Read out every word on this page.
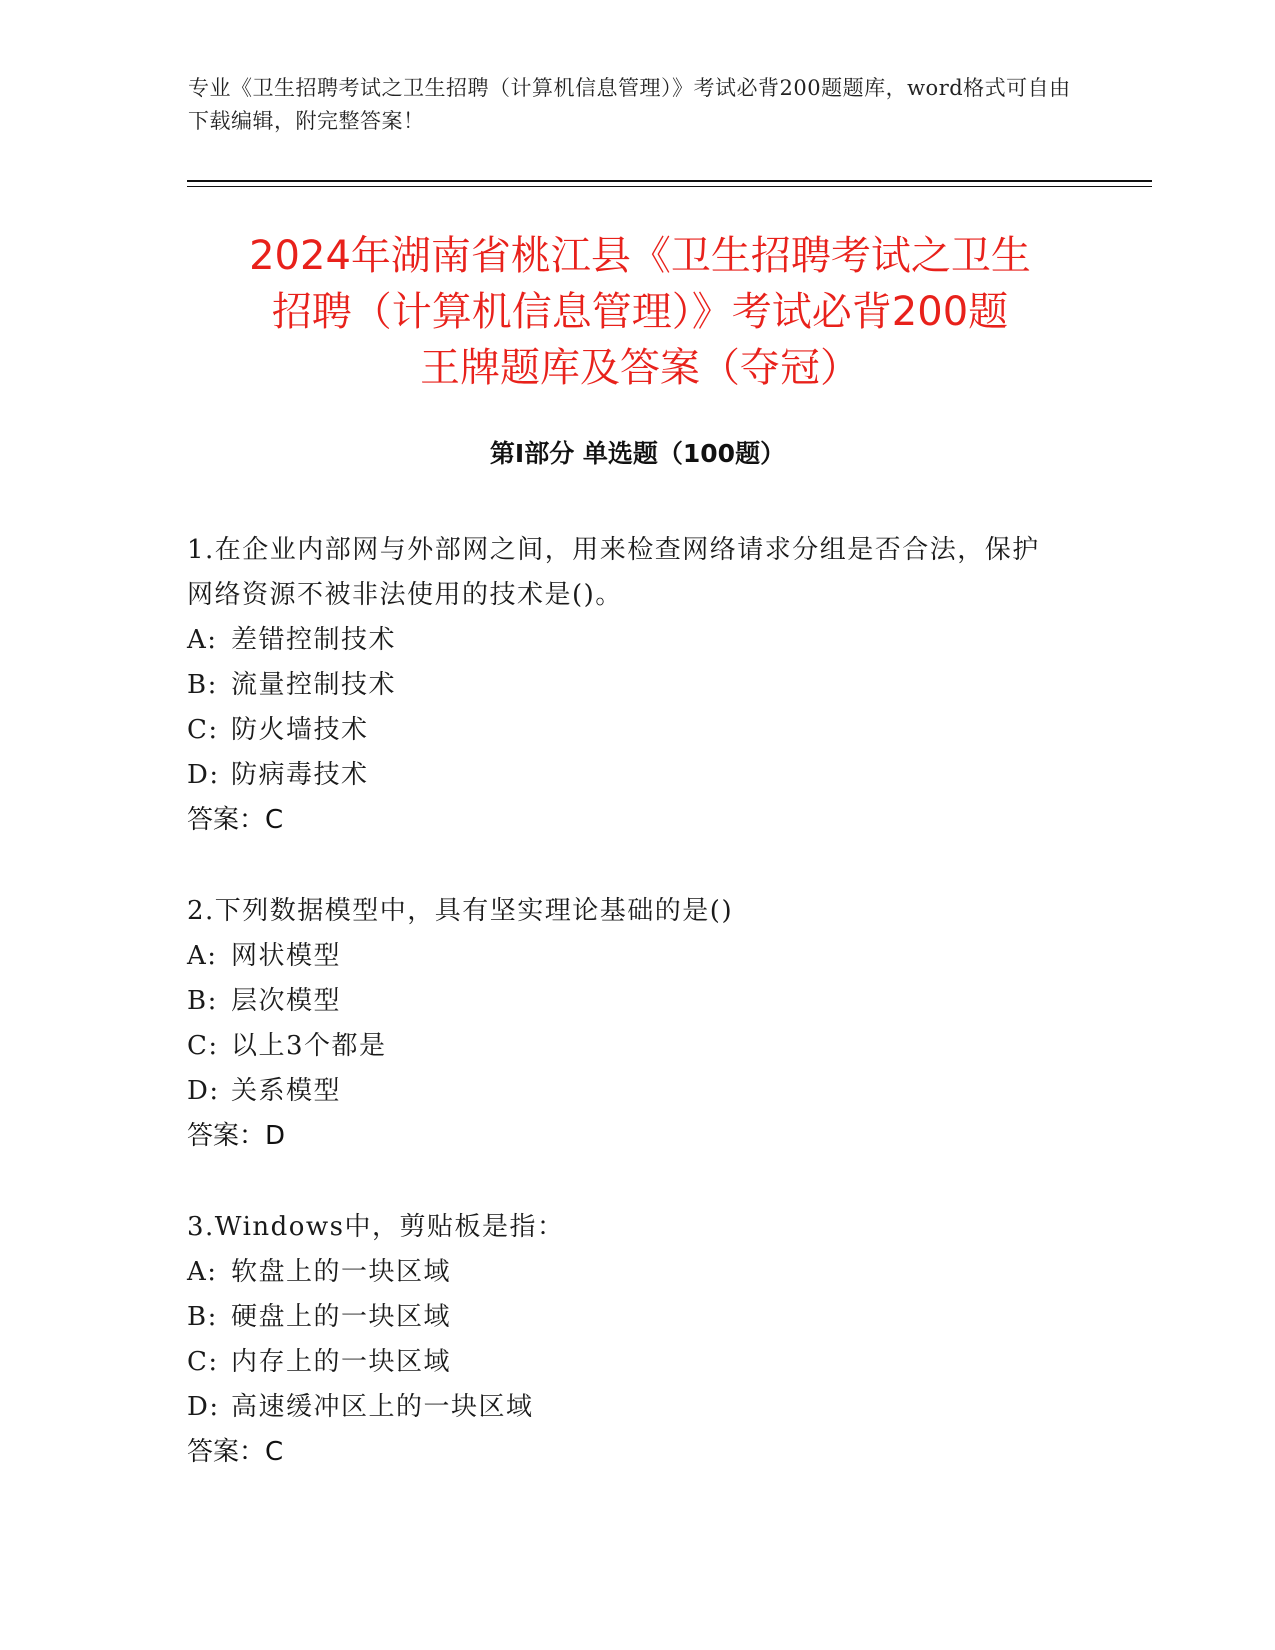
专业《卫生招聘考试之卫生招聘（计算机信息管理）》考试必背200题题库，word格式可自由下载编辑，附完整答案！
2024年湖南省桃江县《卫生招聘考试之卫生
招聘（计算机信息管理）》考试必背200题
王牌题库及答案（夺冠）
第Ⅰ部分 单选题（100题）

1.在企业内部网与外部网之间，用来检查网络请求分组是否合法，保护网络资源不被非法使用的技术是()。

A: 差错控制技术

B: 流量控制技术

C: 防火墙技术

D: 防病毒技术

答案：C

2.下列数据模型中，具有坚实理论基础的是()

A: 网状模型

B: 层次模型

C: 以上3个都是

D: 关系模型

答案：D

3.Windows中，剪贴板是指：

A: 软盘上的一块区域

B: 硬盘上的一块区域

C: 内存上的一块区域

D: 高速缓冲区上的一块区域

答案：C
